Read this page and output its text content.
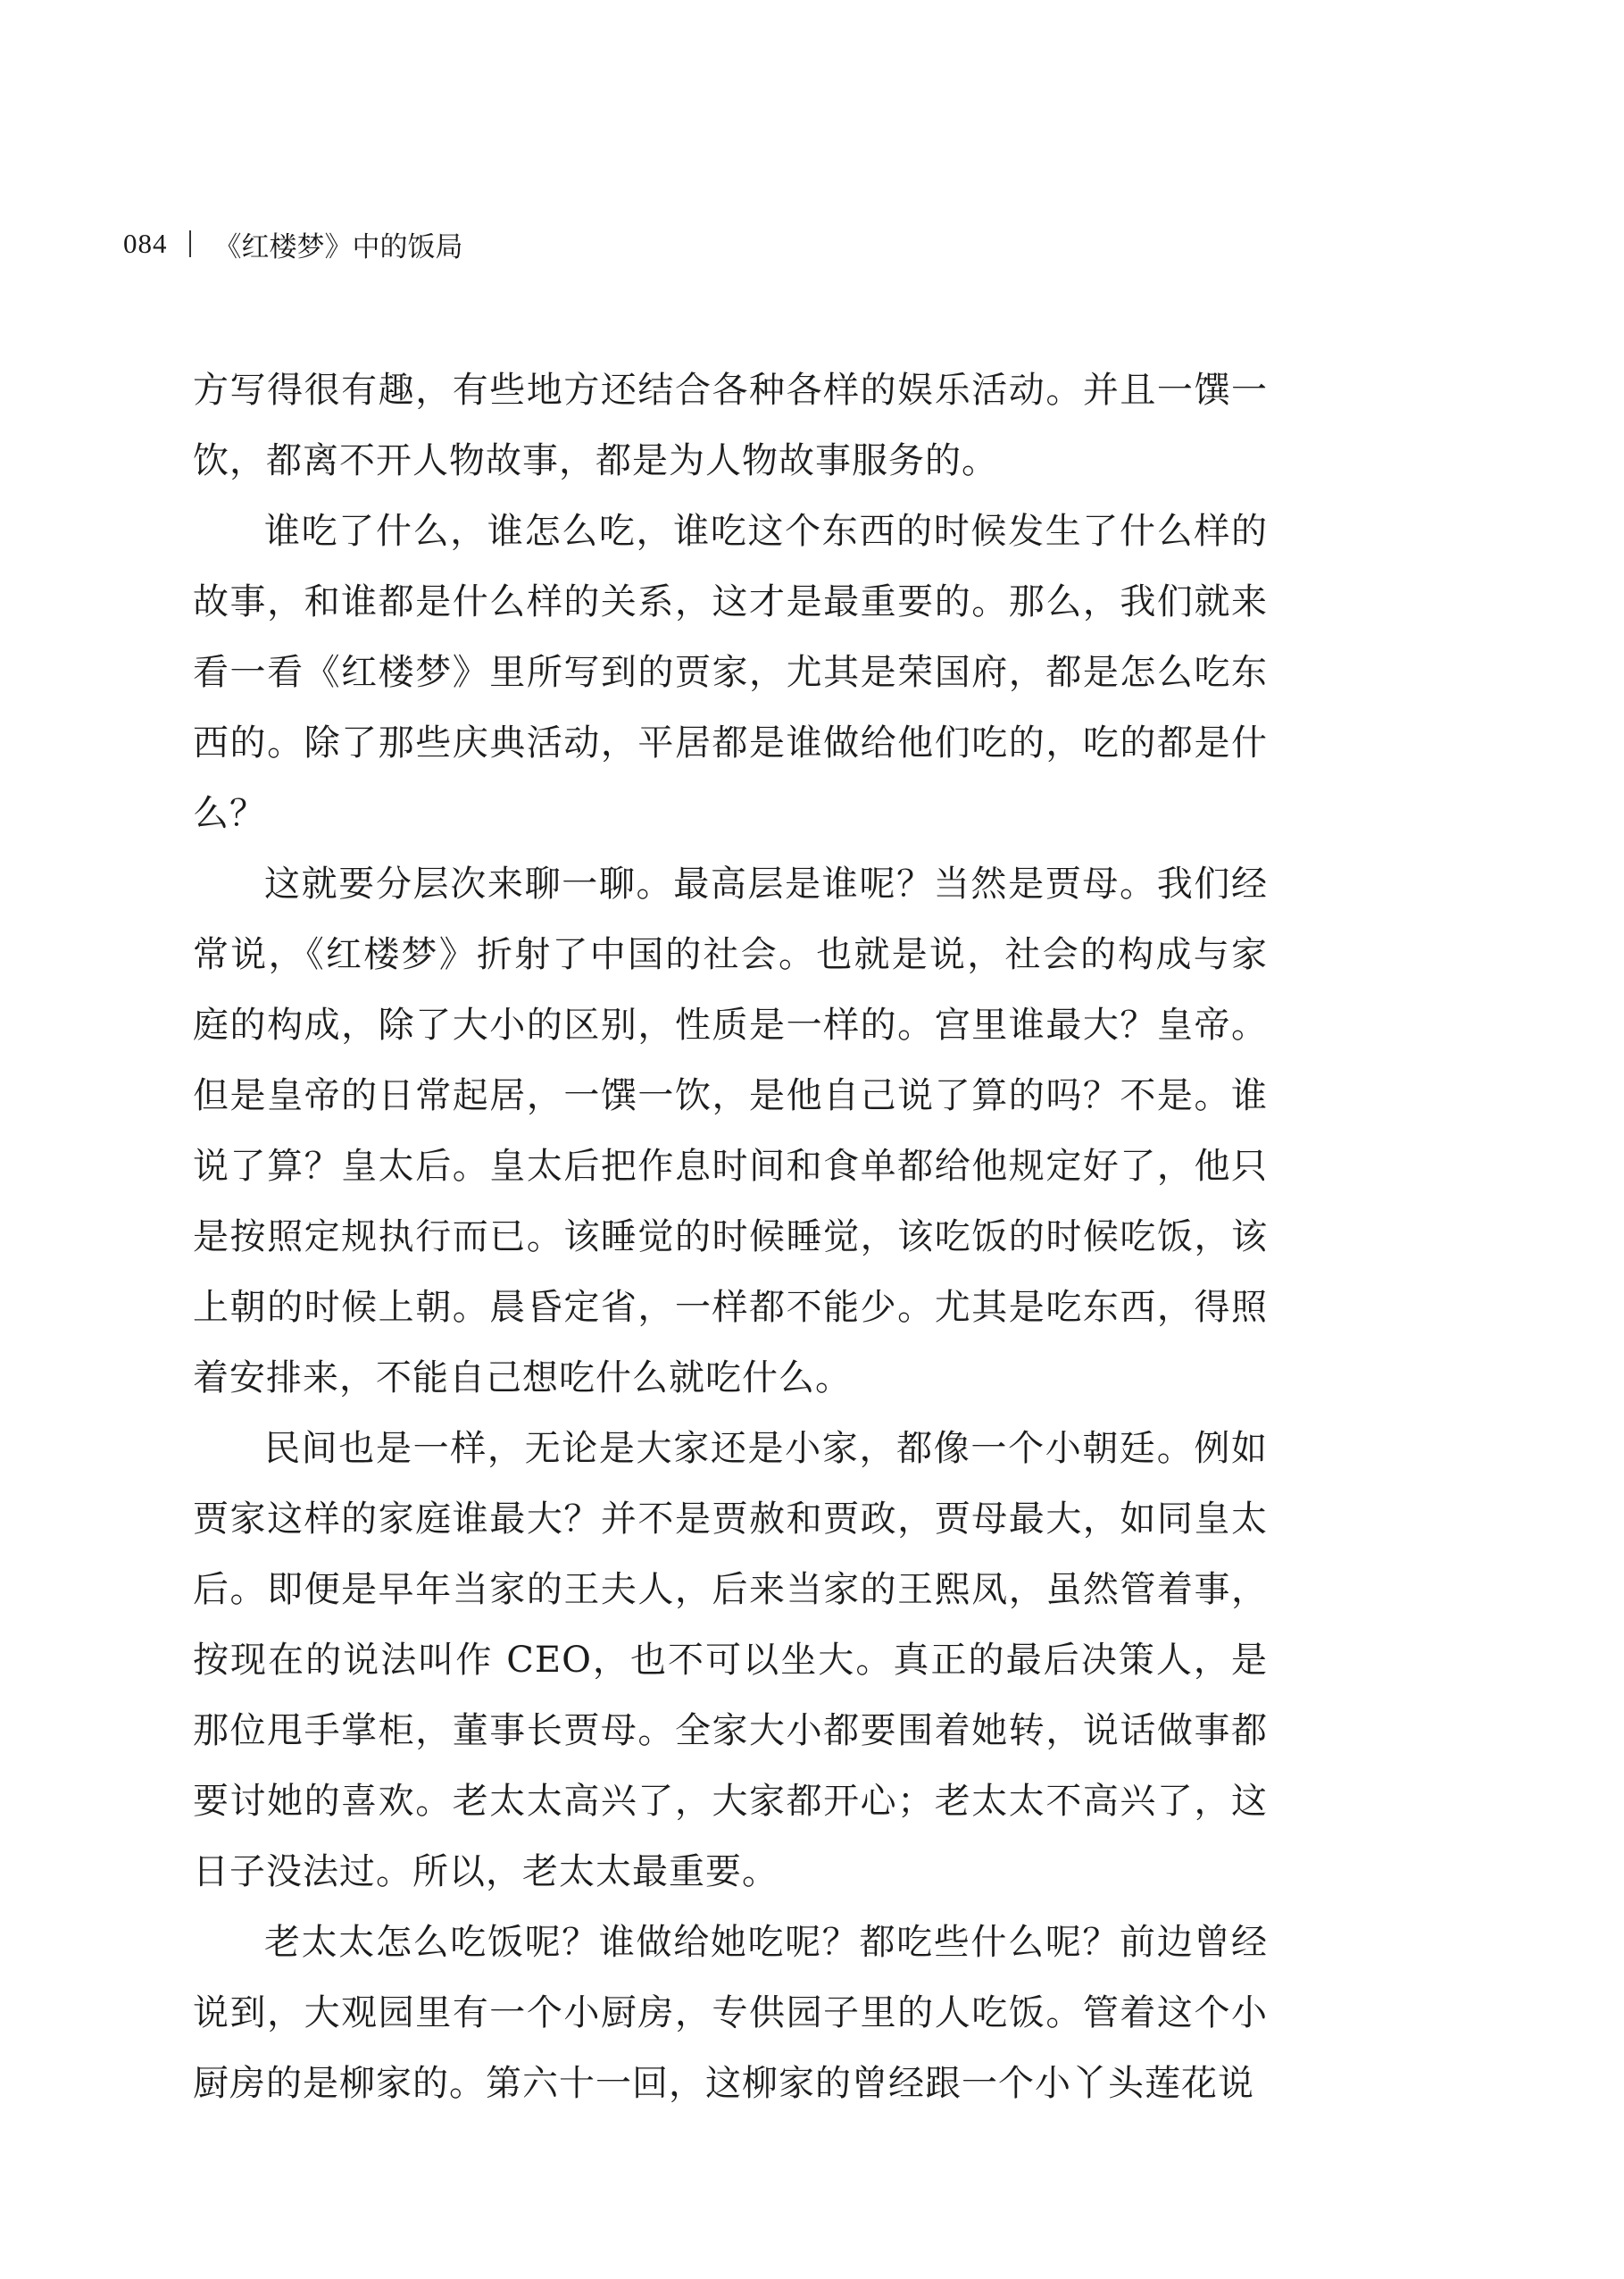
084 《红楼梦》中的饭局

方写得很有趣，有些地方还结合各种各样的娱乐活动。并且一馔一饮，都离不开人物故事，都是为人物故事服务的。

谁吃了什么，谁怎么吃，谁吃这个东西的时候发生了什么样的故事，和谁都是什么样的关系，这才是最重要的。那么，我们就来看一看《红楼梦》里所写到的贾家，尤其是荣国府，都是怎么吃东西的。除了那些庆典活动，平居都是谁做给他们吃的，吃的都是什么？

这就要分层次来聊一聊。最高层是谁呢？当然是贾母。我们经常说，《红楼梦》折射了中国的社会。也就是说，社会的构成与家庭的构成，除了大小的区别，性质是一样的。宫里谁最大？皇帝。但是皇帝的日常起居，一馔一饮，是他自己说了算的吗？不是。谁说了算？皇太后。皇太后把作息时间和食单都给他规定好了，他只是按照定规执行而已。该睡觉的时候睡觉，该吃饭的时候吃饭，该上朝的时候上朝。晨昏定省，一样都不能少。尤其是吃东西，得照着安排来，不能自己想吃什么就吃什么。

民间也是一样，无论是大家还是小家，都像一个小朝廷。例如贾家这样的家庭谁最大？并不是贾赦和贾政，贾母最大，如同皇太后。即便是早年当家的王夫人，后来当家的王熙凤，虽然管着事，按现在的说法叫作 CEO，也不可以坐大。真正的最后决策人，是那位甩手掌柜，董事长贾母。全家大小都要围着她转，说话做事都要讨她的喜欢。老太太高兴了，大家都开心；老太太不高兴了，这日子没法过。所以，老太太最重要。

老太太怎么吃饭呢？谁做给她吃呢？都吃些什么呢？前边曾经说到，大观园里有一个小厨房，专供园子里的人吃饭。管着这个小厨房的是柳家的。第六十一回，这柳家的曾经跟一个小丫头莲花说
